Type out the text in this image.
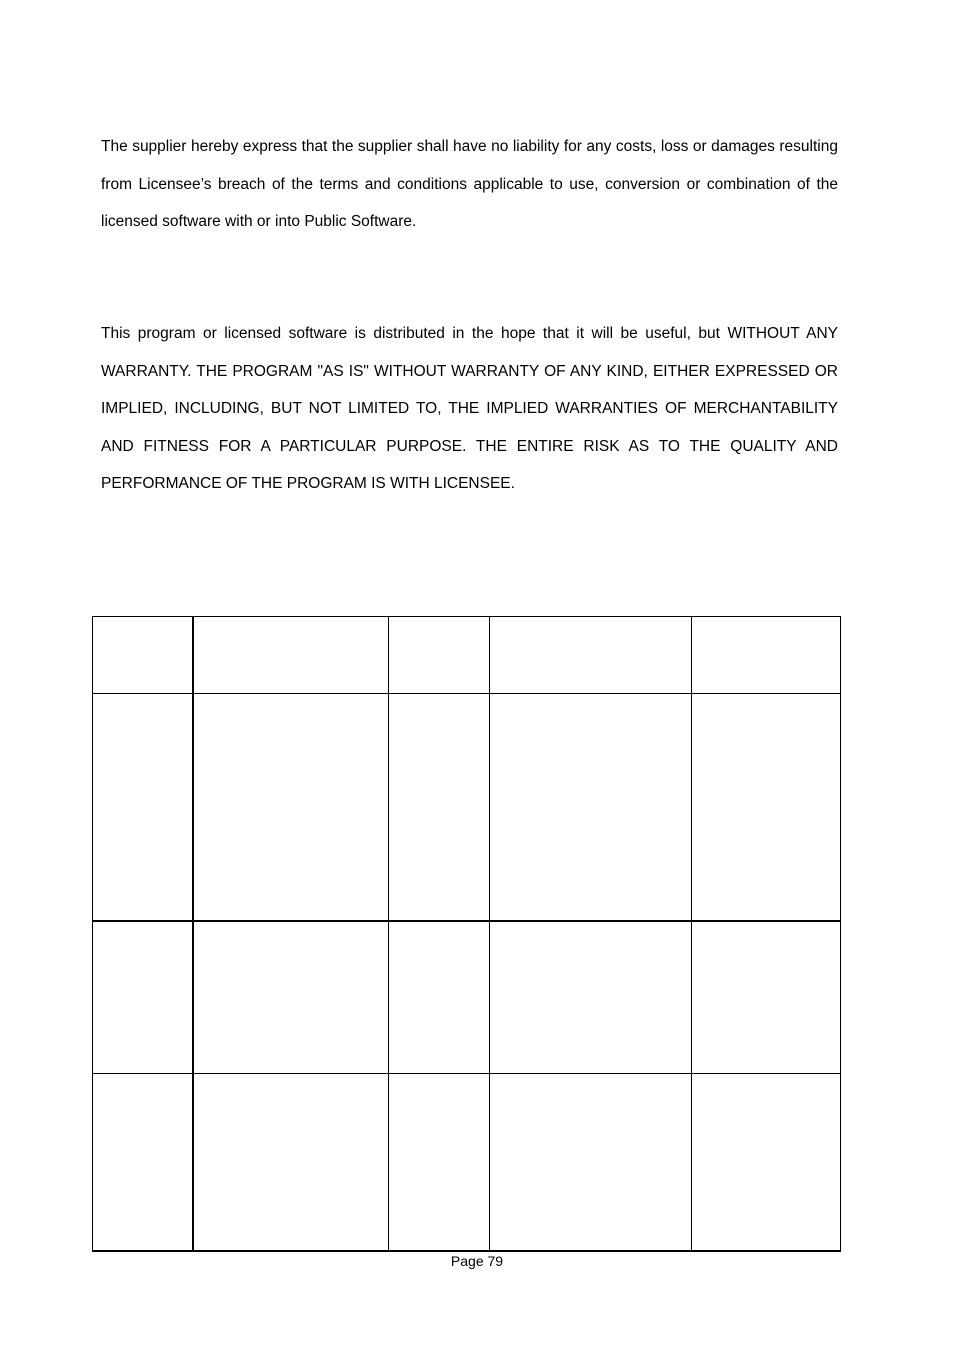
The supplier hereby express that the supplier shall have no liability for any costs, loss or damages resulting from Licensee’s breach of the terms and conditions applicable to use, conversion or combination of the licensed software with or into Public Software.

This program or licensed software is distributed in the hope that it will be useful, but WITHOUT ANY WARRANTY. THE PROGRAM "AS IS" WITHOUT WARRANTY OF ANY KIND, EITHER EXPRESSED OR IMPLIED, INCLUDING, BUT NOT LIMITED TO, THE IMPLIED WARRANTIES OF MERCHANTABILITY AND FITNESS FOR A PARTICULAR PURPOSE. THE ENTIRE RISK AS TO THE QUALITY AND PERFORMANCE OF THE PROGRAM IS WITH LICENSEE.

Page 79
